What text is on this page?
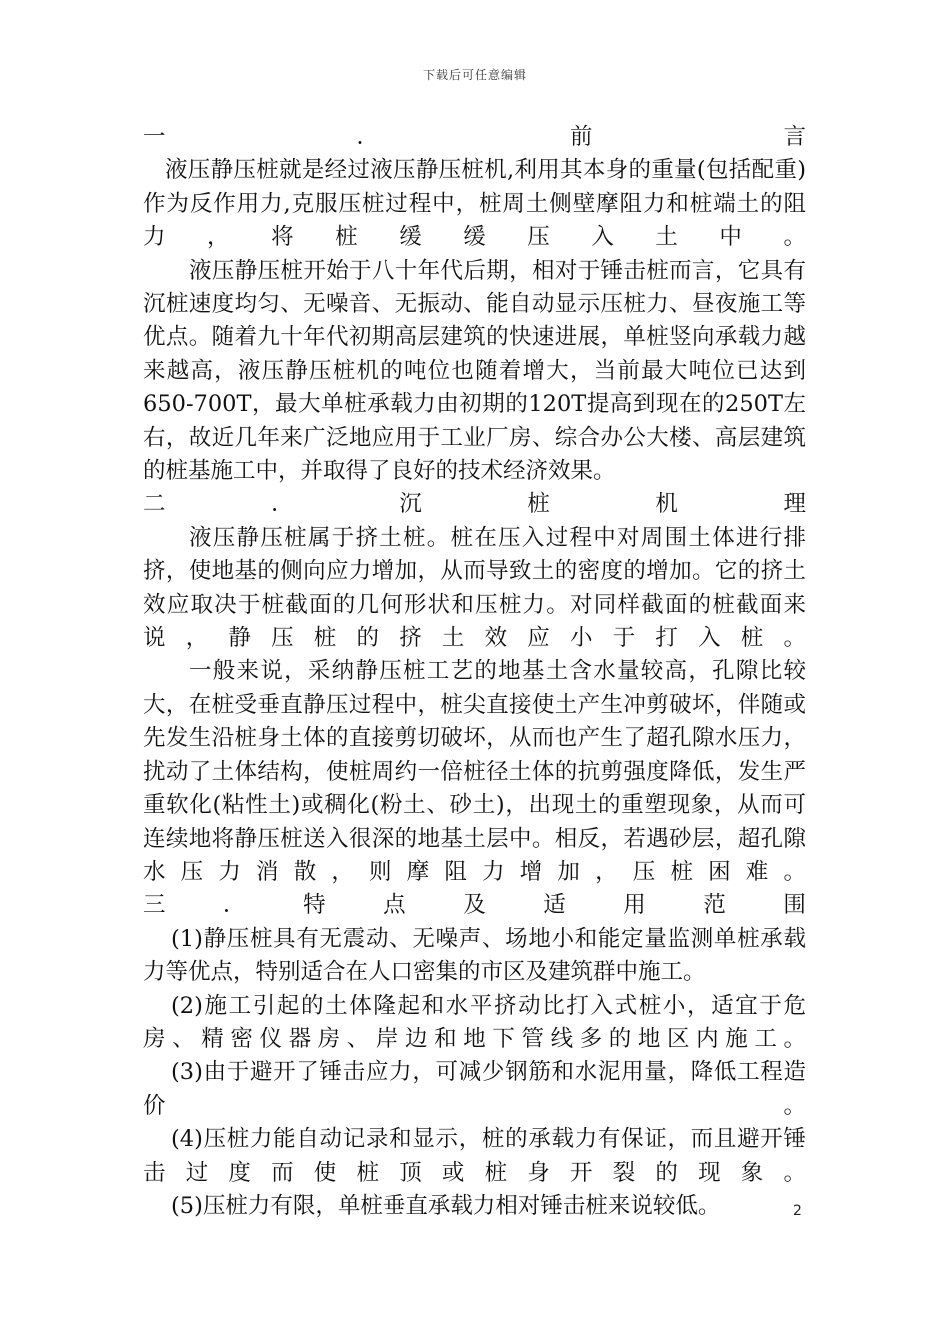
下载后可任意编辑
一	．	前	言

液压静压桩就是经过液压静压桩机,利用其本身的重量(包括配重)作为反作用力,克服压桩过程中，桩周土侧壁摩阻力和桩端土的阻力，将桩缓缓压入土中。

液压静压桩开始于八十年代后期，相对于锤击桩而言，它具有沉桩速度均匀、无噪音、无振动、能自动显示压桩力、昼夜施工等优点。随着九十年代初期高层建筑的快速进展，单桩竖向承载力越来越高，液压静压桩机的吨位也随着增大，当前最大吨位已达到650-700T，最大单桩承载力由初期的120T提高到现在的250T左右，故近几年来广泛地应用于工业厂房、综合办公大楼、高层建筑的桩基施工中，并取得了良好的技术经济效果。

二	．	沉	桩	机	理

液压静压桩属于挤土桩。桩在压入过程中对周围土体进行排挤，使地基的侧向应力增加，从而导致土的密度的增加。它的挤土效应取决于桩截面的几何形状和压桩力。对同样截面的桩截面来说，静压桩的挤土效应小于打入桩。

一般来说，采纳静压桩工艺的地基土含水量较高，孔隙比较大，在桩受垂直静压过程中，桩尖直接使土产生冲剪破坏，伴随或先发生沿桩身土体的直接剪切破坏，从而也产生了超孔隙水压力，扰动了土体结构，使桩周约一倍桩径土体的抗剪强度降低，发生严重软化(粘性土)或稠化(粉土、砂土)，出现土的重塑现象，从而可连续地将静压桩送入很深的地基土层中。相反，若遇砂层，超孔隙水压力消散，则摩阻力增加，压桩困难。

三	．	特	点	及	适	用	范	围

(1)静压桩具有无震动、无噪声、场地小和能定量监测单桩承载力等优点，特别适合在人口密集的市区及建筑群中施工。

(2)施工引起的土体隆起和水平挤动比打入式桩小，适宜于危房、精密仪器房、岸边和地下管线多的地区内施工。

(3)由于避开了锤击应力，可减少钢筋和水泥用量，降低工程造价。

(4)压桩力能自动记录和显示，桩的承载力有保证，而且避开锤击过度而使桩顶或桩身开裂的现象。

(5)压桩力有限，单桩垂直承载力相对锤击桩来说较低。	2
